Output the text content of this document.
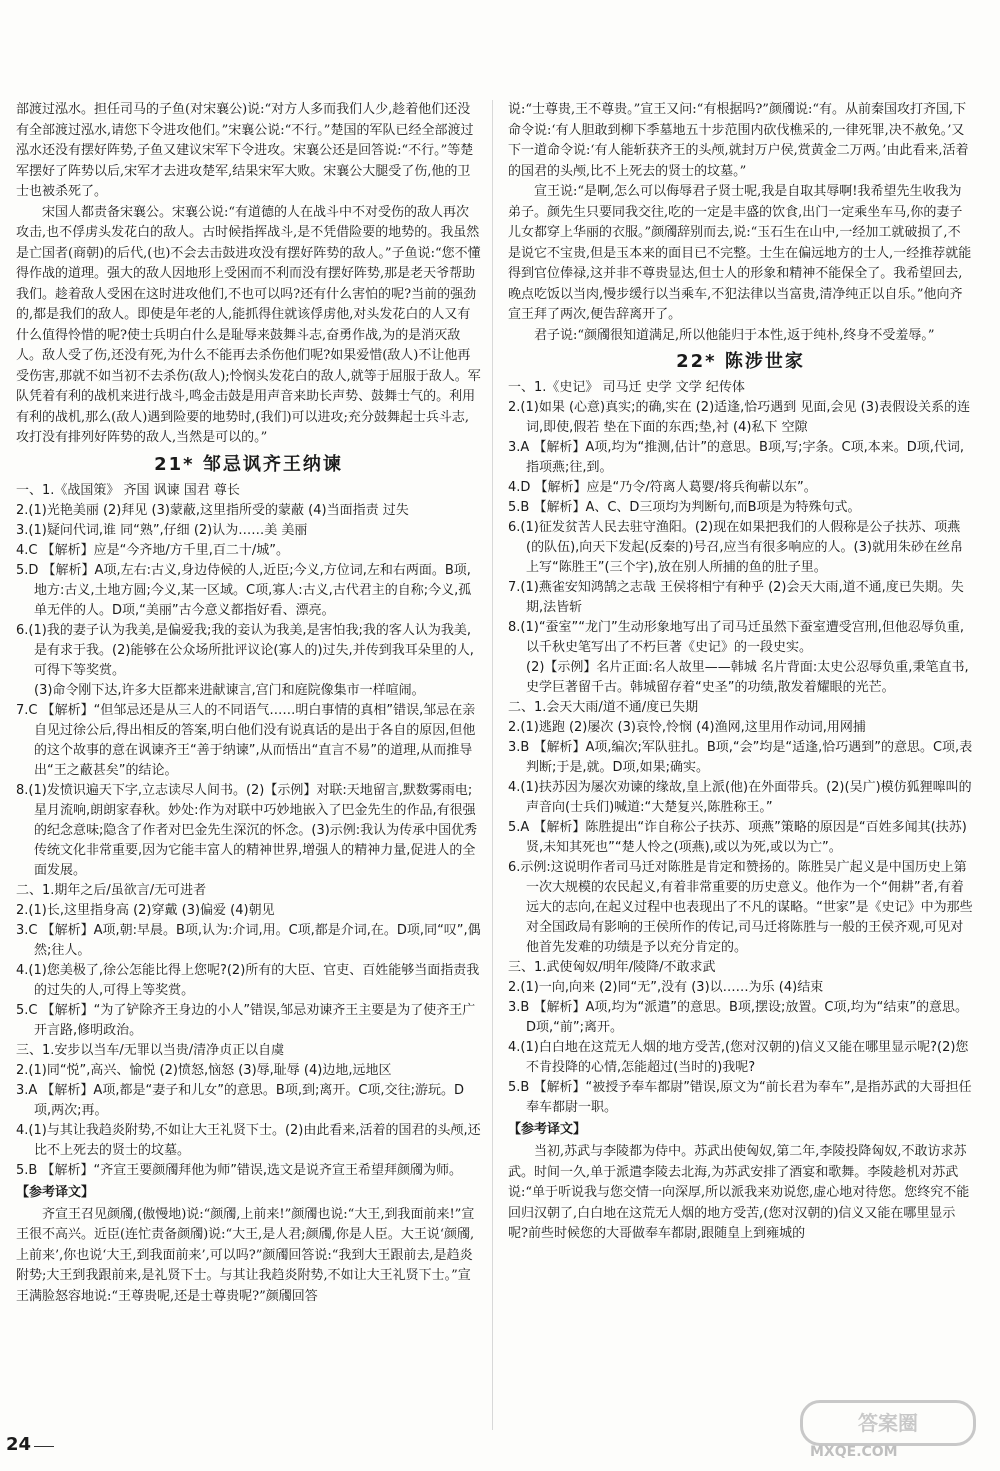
部渡过泓水。担任司马的子鱼(对宋襄公)说:“对方人多而我们人少,趁着他们还没有全部渡过泓水,请您下令进攻他们。”宋襄公说:“不行。”楚国的军队已经全部渡过泓水还没有摆好阵势,子鱼又建议宋军下令进攻。宋襄公还是回答说:“不行。”等楚军摆好了阵势以后,宋军才去进攻楚军,结果宋军大败。宋襄公大腿受了伤,他的卫士也被杀死了。

宋国人都责备宋襄公。宋襄公说:“有道德的人在战斗中不对受伤的敌人再次攻击,也不俘虏头发花白的敌人。古时候指挥战斗,是不凭借险要的地势的。我虽然是亡国者(商朝)的后代,(也)不会去击鼓进攻没有摆好阵势的敌人。”子鱼说:“您不懂得作战的道理。强大的敌人因地形上受困而不利而没有摆好阵势,那是老天爷帮助我们。趁着敌人受困在这时进攻他们,不也可以吗?还有什么害怕的呢?当前的强劲的,都是我们的敌人。即使是年老的人,能抓得住就该俘虏他,对头发花白的人又有什么值得怜惜的呢?使士兵明白什么是耻辱来鼓舞斗志,奋勇作战,为的是消灭敌人。敌人受了伤,还没有死,为什么不能再去杀伤他们呢?如果爱惜(敌人)不让他再受伤害,那就不如当初不去杀伤(敌人);怜悯头发花白的敌人,就等于屈服于敌人。军队凭着有利的战机来进行战斗,鸣金击鼓是用声音来助长声势、鼓舞士气的。利用有利的战机,那么(敌人)遇到险要的地势时,(我们)可以进攻;充分鼓舞起士兵斗志,攻打没有排列好阵势的敌人,当然是可以的。”

21* 邹忌讽齐王纳谏

一、1.《战国策》 齐国 讽谏 国君 尊长

2.(1)光艳美丽 (2)拜见 (3)蒙蔽,这里指所受的蒙蔽 (4)当面指责 过失

3.(1)疑问代词,谁 同“熟”,仔细 (2)认为……美 美丽

4.C 【解析】应是“今齐地/方千里,百二十/城”。

5.D 【解析】A项,左右:古义,身边侍候的人,近臣;今义,方位词,左和右两面。B项,地方:古义,土地方圆;今义,某一区域。C项,寡人:古义,古代君主的自称;今义,孤单无伴的人。D项,“美丽”古今意义都指好看、漂亮。

6.(1)我的妻子认为我美,是偏爱我;我的妾认为我美,是害怕我;我的客人认为我美,是有求于我。(2)能够在公众场所批评议论(寡人的)过失,并传到我耳朵里的人,可得下等奖赏。

(3)命令刚下达,许多大臣都来进献谏言,宫门和庭院像集市一样喧闹。

7.C 【解析】“但邹忌还是从三人的不同语气……明白事情的真相”错误,邹忌在亲自见过徐公后,得出相反的答案,明白他们没有说真话的是出于各自的原因,但他的这个故事的意在讽谏齐王“善于纳谏”,从而悟出“直言不易”的道理,从而推导出“王之蔽甚矣”的结论。

8.(1)发愤识遍天下字,立志读尽人间书。(2)【示例】对联:天地留言,默数雾雨电;星月流响,朗朗家春秋。妙处:作为对联中巧妙地嵌入了巴金先生的作品,有很强的纪念意味;隐含了作者对巴金先生深沉的怀念。(3)示例:我认为传承中国优秀传统文化非常重要,因为它能丰富人的精神世界,增强人的精神力量,促进人的全面发展。

二、1.期年之后/虽欲言/无可进者

2.(1)长,这里指身高 (2)穿戴 (3)偏爱 (4)朝见

3.C 【解析】A项,朝:早晨。B项,认为:介词,用。C项,都是介词,在。D项,同“叹”,偶然;往人。

4.(1)您美极了,徐公怎能比得上您呢?(2)所有的大臣、官吏、百姓能够当面指责我的过失的人,可得上等奖赏。

5.C 【解析】“为了铲除齐王身边的小人”错误,邹忌劝谏齐王主要是为了使齐王广开言路,修明政治。

三、1.安步以当车/无罪以当贵/清净贞正以自虞

2.(1)同“悦”,高兴、愉悦 (2)愤怒,恼怒 (3)辱,耻辱 (4)边地,远地区

3.A 【解析】A项,都是“妻子和儿女”的意思。B项,到;离开。C项,交往;游玩。D项,两次;再。

4.(1)与其让我趋炎附势,不如让大王礼贤下士。(2)由此看来,活着的国君的头颅,还比不上死去的贤士的坟墓。

5.B 【解析】“齐宣王要颜斶拜他为师”错误,选文是说齐宣王希望拜颜斶为师。

【参考译文】

齐宣王召见颜斶,(傲慢地)说:“颜斶,上前来!”颜斶也说:“大王,到我面前来!”宣王很不高兴。近臣(连忙责备颜斶)说:“大王,是人君;颜斶,你是人臣。大王说‘颜斶,上前来’,你也说‘大王,到我面前来’,可以吗?”颜斶回答说:“我到大王跟前去,是趋炎附势;大王到我跟前来,是礼贤下士。与其让我趋炎附势,不如让大王礼贤下士。”宣王满脸怒容地说:“王尊贵呢,还是士尊贵呢?”颜斶回答

说:“士尊贵,王不尊贵。”宣王又问:“有根据吗?”颜斶说:“有。从前秦国攻打齐国,下命令说:‘有人胆敢到柳下季墓地五十步范围内砍伐樵采的,一律死罪,决不赦免。’又下一道命令说:‘有人能斩获齐王的头颅,就封万户侯,赏黄金二万两。’由此看来,活着的国君的头颅,比不上死去的贤士的坟墓。”

宣王说:“是啊,怎么可以侮辱君子贤士呢,我是自取其辱啊!我希望先生收我为弟子。颜先生只要同我交往,吃的一定是丰盛的饮食,出门一定乘坐车马,你的妻子儿女都穿上华丽的衣服。”颜斶辞别而去,说:“玉石生在山中,一经加工就破损了,不是说它不宝贵,但是玉本来的面目已不完整。士生在偏远地方的士人,一经推荐就能得到官位俸禄,这并非不尊贵显达,但士人的形象和精神不能保全了。我希望回去,晚点吃饭以当肉,慢步缓行以当乘车,不犯法律以当富贵,清净纯正以自乐。”他向齐宣王拜了两次,便告辞离开了。

君子说:“颜斶很知道满足,所以他能归于本性,返于纯朴,终身不受羞辱。”

22* 陈涉世家

一、1.《史记》 司马迁 史学 文学 纪传体

2.(1)如果 (心意)真实;的确,实在 (2)适逢,恰巧遇到 见面,会见 (3)表假设关系的连词,即使,假若 垫在下面的东西;垫,衬 (4)私下 空隙

3.A 【解析】A项,均为“推测,估计”的意思。B项,写;字条。C项,本来。D项,代词,指项燕;往,到。

4.D 【解析】应是“乃令/符离人葛婴/将兵徇蕲以东”。

5.B 【解析】A、C、D三项均为判断句,而B项是为特殊句式。

6.(1)征发贫苦人民去驻守渔阳。(2)现在如果把我们的人假称是公子扶苏、项燕(的队伍),向天下发起(反秦的)号召,应当有很多响应的人。(3)就用朱砂在丝帛上写“陈胜王”(三个字),放在别人所捕的鱼的肚子里。

7.(1)燕雀安知鸿鹄之志哉 王侯将相宁有种乎 (2)会天大雨,道不通,度已失期。失期,法皆斩

8.(1)“蚕室”“龙门”生动形象地写出了司马迁虽然下蚕室遭受宫刑,但他忍辱负重,以千秋史笔写出了不朽巨著《史记》的一段史实。

(2)【示例】名片正面:名人故里——韩城 名片背面:太史公忍辱负重,秉笔直书,史学巨著留千古。韩城留存着“史圣”的功绩,散发着耀眼的光芒。

二、1.会天大雨/道不通/度已失期

2.(1)逃跑 (2)屡次 (3)哀怜,怜悯 (4)渔网,这里用作动词,用网捕

3.B 【解析】A项,编次;军队驻扎。B项,“会”均是“适逢,恰巧遇到”的意思。C项,表判断;于是,就。D项,如果;确实。

4.(1)扶苏因为屡次劝谏的缘故,皇上派(他)在外面带兵。(2)(吴广)模仿狐狸嗥叫的声音向(士兵们)喊道:“大楚复兴,陈胜称王。”

5.A 【解析】陈胜提出“诈自称公子扶苏、项燕”策略的原因是“百姓多闻其(扶苏)贤,未知其死也”“楚人怜之(项燕),或以为死,或以为亡”。

6.示例:这说明作者司马迁对陈胜是肯定和赞扬的。陈胜吴广起义是中国历史上第一次大规模的农民起义,有着非常重要的历史意义。他作为一个“佣耕”者,有着远大的志向,在起义过程中也表现出了不凡的谋略。“世家”是《史记》中为那些对全国政局有影响的王侯所作的传记,司马迁将陈胜与一般的王侯齐观,可见对他首先发难的功绩是予以充分肯定的。

三、1.武使匈奴/明年/陵降/不敢求武

2.(1)一向,向来 (2)同“无”,没有 (3)以……为乐 (4)结束

3.B 【解析】A项,均为“派遣”的意思。B项,摆设;放置。C项,均为“结束”的意思。D项,“前”;离开。

4.(1)白白地在这荒无人烟的地方受苦,(您对汉朝的)信义又能在哪里显示呢?(2)您不肯投降的心情,怎能超过(当时的)我呢?

5.B 【解析】“被授予奉车都尉”错误,原文为“前长君为奉车”,是指苏武的大哥担任奉车都尉一职。

【参考译文】

当初,苏武与李陵都为侍中。苏武出使匈奴,第二年,李陵投降匈奴,不敢访求苏武。时间一久,单于派遣李陵去北海,为苏武安排了酒宴和歌舞。李陵趁机对苏武说:“单于听说我与您交情一向深厚,所以派我来劝说您,虚心地对待您。您终究不能回归汉朝了,白白地在这荒无人烟的地方受苦,(您对汉朝的)信义又能在哪里显示呢?前些时候您的大哥做奉车都尉,跟随皇上到雍城的

24
答案圈
MXQE.COM
